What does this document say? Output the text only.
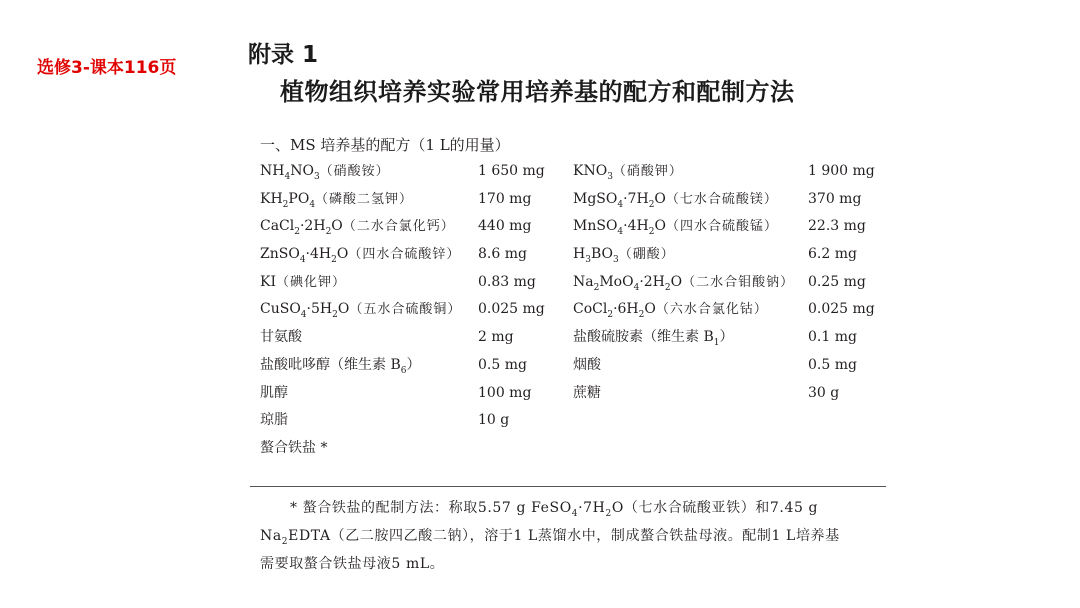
选修3-课本116页	附录 1
植物组织培养实验常用培养基的配方和配制方法
一、MS 培养基的配方（1 L的用量）
$NH_4NO_3$（硝酸铵）	1 650 mg $KNO_3$（硝酸钾）	1 900 mg
$KH_2PO_4$（磷酸二氢钾）	170 mg	$MgSO_4\cdot 7H_2O$（七水合硫酸镁） 370 mg
$CaCl_2\cdot 2H_2O$（二水合氯化钙） 440 mg	$MnSO_4\cdot 4H_2O$（四水合硫酸锰） 22.3 mg
$ZnSO_4\cdot 4H_2O$（四水合硫酸锌） 8.6 mg	$H_3BO_3$（硼酸）	6.2 mg
KI（碘化钾）	0.83 mg	$Na_2MoO_4\cdot 2H_2O$（二水合钼酸钠） 0.25 mg
$CuSO_4\cdot 5H_2O$（五水合硫酸铜） 0.025 mg $CoCl_2\cdot 6H_2O$（六水合氯化钴）	0.025 mg
甘氨酸	2 mg	盐酸硫胺素（维生素 $B_1$）	0.1 mg
盐酸吡哆醇（维生素 $B_6$）	0.5 mg	烟酸	0.5 mg
肌醇	100 mg	蔗糖	30 g
琼脂	10 g
螯合铁盐 *
* 螯合铁盐的配制方法：称取5.57 g $FeSO_4\cdot 7H_2O$（七水合硫酸亚铁）和7.45 g
$Na_2EDTA$（乙二胺四乙酸二钠），溶于1 L蒸馏水中，制成螯合铁盐母液。配制1 L培养基
需要取螯合铁盐母液5 mL。
